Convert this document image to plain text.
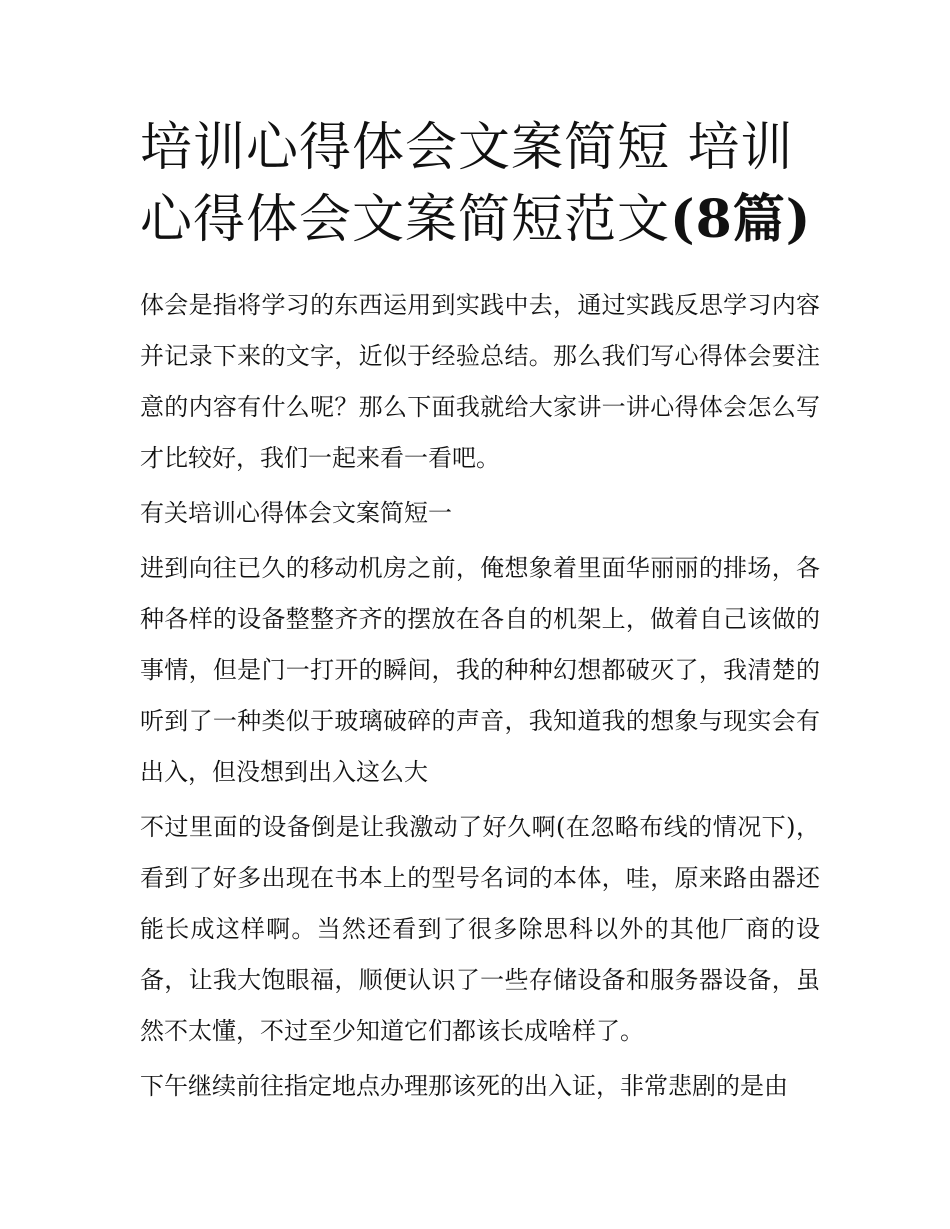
培训心得体会文案简短 培训心得体会文案简短范文(8篇)

体会是指将学习的东西运用到实践中去，通过实践反思学习内容并记录下来的文字，近似于经验总结。那么我们写心得体会要注意的内容有什么呢？那么下面我就给大家讲一讲心得体会怎么写才比较好，我们一起来看一看吧。

有关培训心得体会文案简短一

进到向往已久的移动机房之前，俺想象着里面华丽丽的排场，各种各样的设备整整齐齐的摆放在各自的机架上，做着自己该做的事情，但是门一打开的瞬间，我的种种幻想都破灭了，我清楚的听到了一种类似于玻璃破碎的声音，我知道我的想象与现实会有出入，但没想到出入这么大

不过里面的设备倒是让我激动了好久啊(在忽略布线的情况下)，看到了好多出现在书本上的型号名词的本体，哇，原来路由器还能长成这样啊。当然还看到了很多除思科以外的其他厂商的设备，让我大饱眼福，顺便认识了一些存储设备和服务器设备，虽然不太懂，不过至少知道它们都该长成啥样了。

下午继续前往指定地点办理那该死的出入证，非常悲剧的是由
